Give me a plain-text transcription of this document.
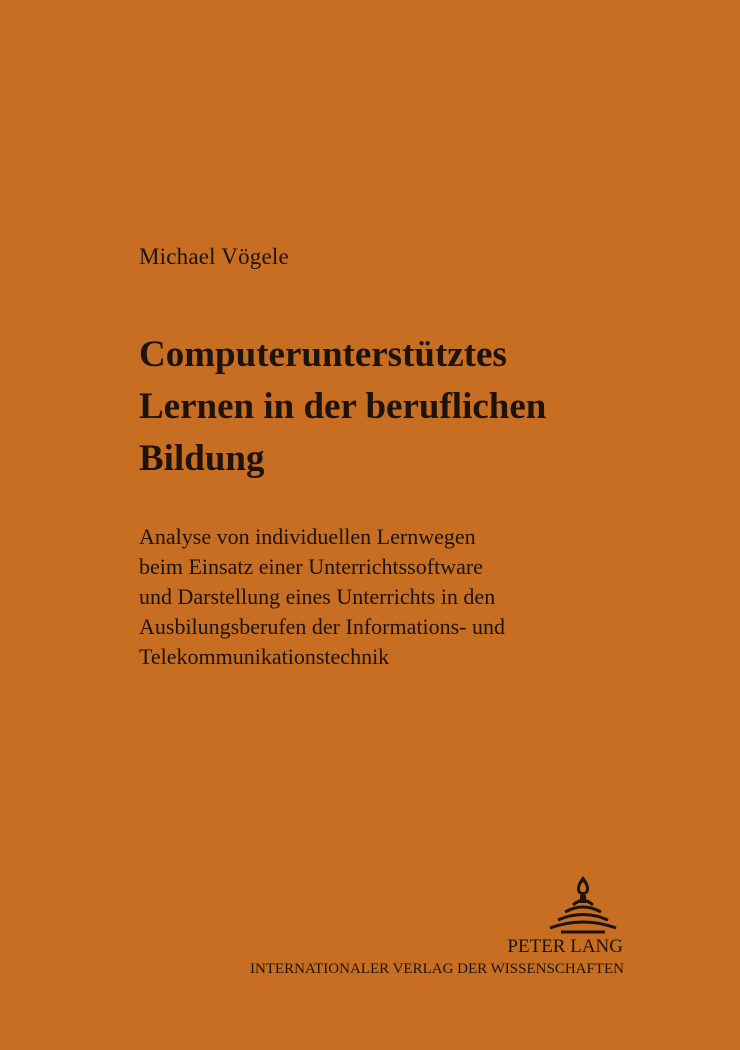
Michael Vögele
Computerunterstütztes
Lernen in der beruflichen
Bildung
Analyse von individuellen Lernwegen
beim Einsatz einer Unterrichtssoftware
und Darstellung eines Unterrichts in den
Ausbilungsberufen der Informations- und
Telekommunikationstechnik
PETER LANG
INTERNATIONALER VERLAG DER WISSENSCHAFTEN
